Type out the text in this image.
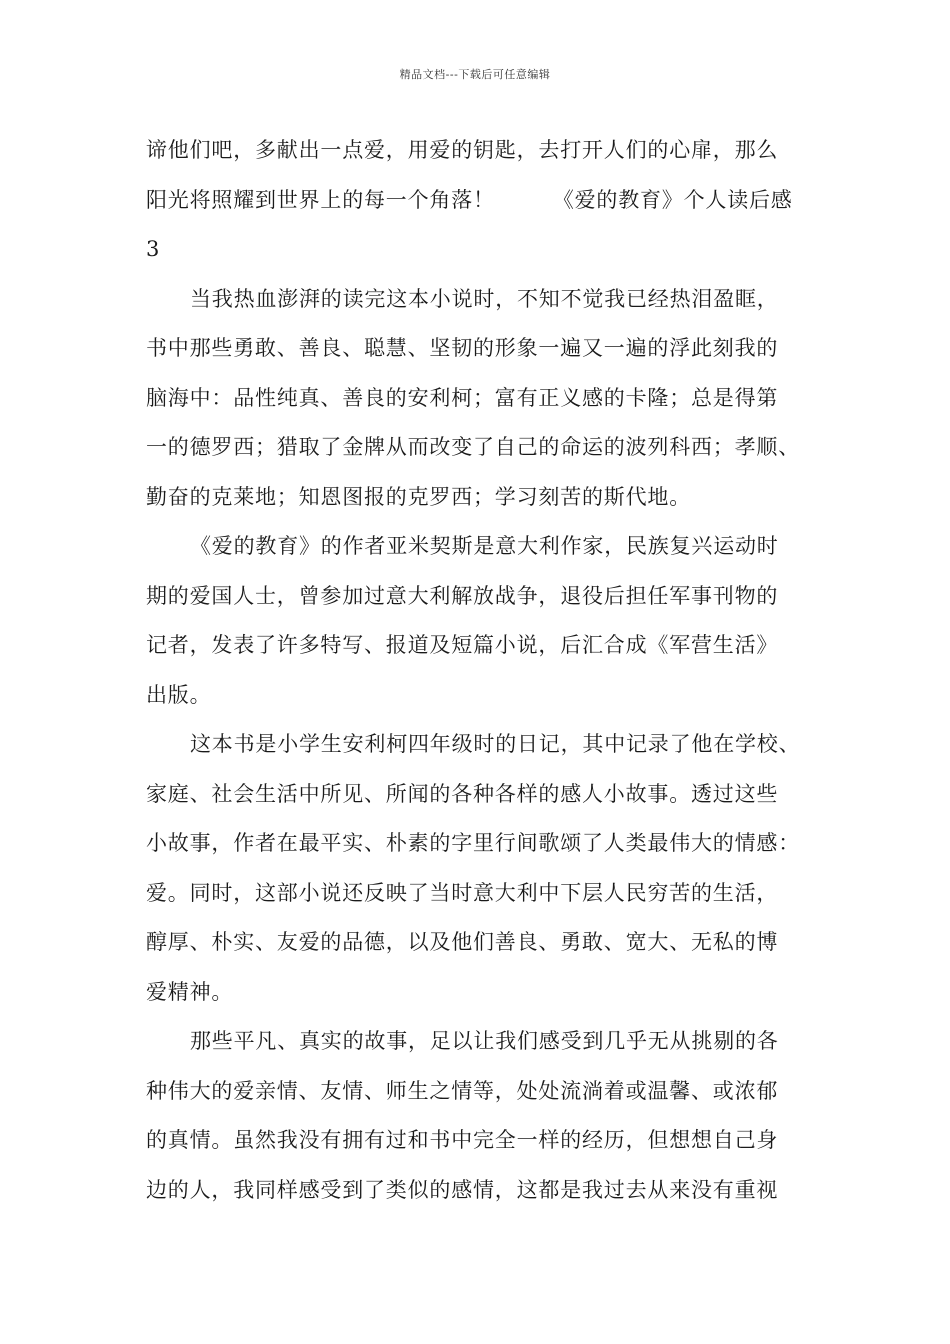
精品文档---下载后可任意编辑
谛他们吧，多献出一点爱，用爱的钥匙，去打开人们的心扉，那么
阳光将照耀到世界上的每一个角落！	《爱的教育》个人读后感
3
当我热血澎湃的读完这本小说时，不知不觉我已经热泪盈眶，
书中那些勇敢、善良、聪慧、坚韧的形象一遍又一遍的浮此刻我的
脑海中：品性纯真、善良的安利柯；富有正义感的卡隆；总是得第
一的德罗西；猎取了金牌从而改变了自己的命运的波列科西；孝顺、
勤奋的克莱地；知恩图报的克罗西；学习刻苦的斯代地。
《爱的教育》的作者亚米契斯是意大利作家，民族复兴运动时
期的爱国人士，曾参加过意大利解放战争，退役后担任军事刊物的
记者，发表了许多特写、报道及短篇小说，后汇合成《军营生活》
出版。
这本书是小学生安利柯四年级时的日记，其中记录了他在学校、
家庭、社会生活中所见、所闻的各种各样的感人小故事。透过这些
小故事，作者在最平实、朴素的字里行间歌颂了人类最伟大的情感：
爱。同时，这部小说还反映了当时意大利中下层人民穷苦的生活，
醇厚、朴实、友爱的品德，以及他们善良、勇敢、宽大、无私的博
爱精神。
那些平凡、真实的故事，足以让我们感受到几乎无从挑剔的各
种伟大的爱亲情、友情、师生之情等，处处流淌着或温馨、或浓郁
的真情。虽然我没有拥有过和书中完全一样的经历，但想想自己身
边的人，我同样感受到了类似的感情，这都是我过去从来没有重视
